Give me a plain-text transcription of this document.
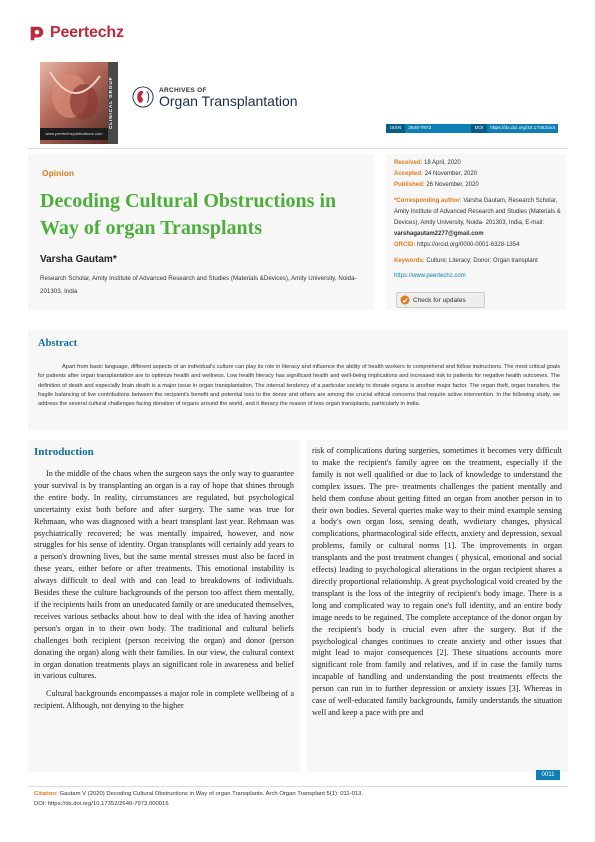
Peertechz
www.peertechzpublications.com
CLINICAL GROUP	ARCHIVES OF
Organ Transplantation
ISSN	2640-7973	DOI	https://dx.doi.org/10.17352/aot
Opinion
Decoding Cultural Obstructions in Way of organ Transplants
Varsha Gautam*
Research Scholar, Amity Institute of Advanced Research and Studies (Materials &Devices), Amity University, Noida- 201303, India
Received: 18 April, 2020
Accepted: 24 November, 2020
Published: 26 November, 2020
*Corresponding author: Varsha Gautam, Research Scholar, Amity Institute of Advanced Research and Studies (Materials & Devices), Amity University, Noida- 201303, India, E-mail: varshagautam2277@gmail.com
ORCID: https://orcid.org/0000-0001-6328-1354
Keywords: Culture; Literacy; Donor; Organ transplant
https://www.peertechz.com
Check for updates
Abstract
Apart from basic language, different aspects of an individual's culture can play its role in literacy and influence the ability of health workers to comprehend and follow instructions. The most critical goals for patients after organ transplantation are to optimize health and wellness. Low health literacy has significant health and well-being implications and increased risk to patients for negative health outcomes. The definition of death and especially brain death is a major issue in organ transplantation. The internal tendency of a particular society to donate organs is another major factor. The organ theft, organ transfers, the fragile balancing of live contributions between the recipient's benefit and potential loss to the donor and others are among the crucial ethical concerns that require active intervention. In the following study, we address the several cultural challenges facing donation of organs around the world, and it literacy the reason of less organ transplants, particularly in India.
Introduction

In the middle of the chaos when the surgeon says the only way to guarantee your survival is by transplanting an organ is a ray of hope that shines through the entire body. In reality, circumstances are regulated, but psychological uncertainty exist both before and after surgery. The same was true for Rehmaan, who was diagnosed with a heart transplant last year. Rehmaan was psychiatrically recovered; he was mentally impaired, however, and now struggles for his sense of identity. Organ transplants will certainly add years to a person's drowning lives, but the same mental stresses must also be faced in these years, either before or after treatments. This emotional instability is always difficult to deal with and can lead to breakdowns of individuals. Besides these the culture backgrounds of the person too affect them mentally, if the recipients hails from an uneducated family or are uneducated themselves, receives various setbacks about how to deal with the idea of having another person's organ in to their own body. The traditional and cultural beliefs challenges both recipient (person receiving the organ) and donor (person donating the organ) along with their families. In our view, the cultural context in organ donation treatments plays an significant role in awareness and belief in various cultures.

Cultural backgrounds encompasses a major role in complete wellbeing of a recipient. Although, not denying to the higher

risk of complications during surgeries, sometimes it becomes very difficult to make the recipient's family agree on the treatment, especially if the family is not well qualified or due to lack of knowledge to understand the complex issues. The pre- treatments challenges the patient mentally and held them confuse about getting fitted an organ from another person in to their own bodies. Several queries make way to their mind example sensing a body's own organ loss, sensing death, wvdietary changes, physical complications, pharmacological side effects, anxiety and depression, sexual problems, family or cultural norms [1]. The improvements in organ transplants and the post treatment changes ( physical, emotional and social effects) leading to psychological alterations in the organ recipient shares a directly proportional relationship. A great psychological void created by the transplant is the loss of the integrity of recipient's body image. There is a long and complicated way to regain one's full identity, and an entire body image needs to be regained. The complete acceptance of the donor organ by the recipient's body is crucial even after the surgery. But if the psychological changes continues to create anxiety and other issues that might lead to major consequences [2]. These situations accounts more significant role from family and relatives, and if in case the family turns incapable of handling and understanding the post treatments effects the person can run in to further depression or anxiety issues [3]. Whereas in case of well-educated family backgrounds, family understands the situation well and keep a pace with pre and

0011
Citation: Gautam V (2020) Decoding Cultural Obstructions in Way of organ Transplants. Arch Organ Transplant 5(1): 011-013.
DOI: https://dx.doi.org/10.17352/2640-7973.000016
